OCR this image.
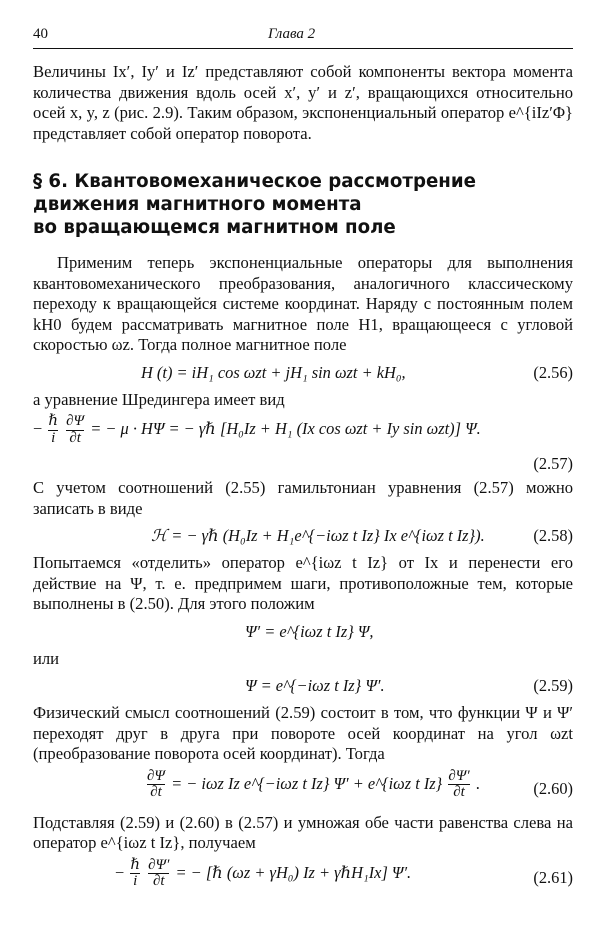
40	Глава 2

Величины Ix′, Iy′ и Iz′ представляют собой компоненты вектора момента количества движения вдоль осей x′, y′ и z′, вращающихся относительно осей x, y, z (рис. 2.9). Таким образом, экспоненциальный оператор e^{iIz′Φ} представляет собой оператор поворота.

§ 6. Квантовомеханическое рассмотрение
движения магнитного момента
во вращающемся магнитном поле

Применим теперь экспоненциальные операторы для выполнения квантовомеханического преобразования, аналогичного классическому переходу к вращающейся системе координат. Наряду с постоянным полем kH0 будем рассматривать магнитное поле H1, вращающееся с угловой скоростью ωz. Тогда полное магнитное поле

H (t) = iH₁ cos ωzt + jH₁ sin ωzt + kH₀,	(2.56)

а уравнение Шредингера имеет вид

− $\frac{\text{ℏ}}{i}$
$\frac{\partial\Psi}{\partial t}$ = − μ · HΨ = − γℏ [H₀Iz + H₁ (Ix cos ωzt + Iy sin ωzt)] Ψ.
(2.57)

С учетом соотношений (2.55) гамильтониан уравнения (2.57) можно записать в виде

ℋ = − γℏ (H₀Iz + H₁e^{−iωz t Iz} Ix e^{iωz t Iz}).	(2.58)

Попытаемся «отделить» оператор e^{iωz t Iz} от Ix и перенести его действие на Ψ, т. е. предпримем шаги, противоположные тем, которые выполнены в (2.50). Для этого положим

Ψ′ = e^{iωz t Iz} Ψ,

или

Ψ = e^{−iωz t Iz} Ψ′.	(2.59)

Физический смысл соотношений (2.59) состоит в том, что функции Ψ и Ψ′ переходят друг в друга при повороте осей координат на угол ωzt (преобразование поворота осей координат). Тогда

$\frac{\partial\Psi}{\partial t}$ = − iωz Iz e^{−iωz t Iz} Ψ′ + e^{iωz t $Iz\} \frac{\partial\Psi'}{\partial t}$ .	(2.60)

Подставляя (2.59) и (2.60) в (2.57) и умножая обе части равенства слева на оператор e^{iωz t Iz}, получаем

− $\frac{\text{ℏ}}{i}$
$\frac{\partial\Psi'}{\partial t}$ = − [ℏ (ωz + γH₀) Iz + γℏH₁Ix] Ψ′.	(2.61)
